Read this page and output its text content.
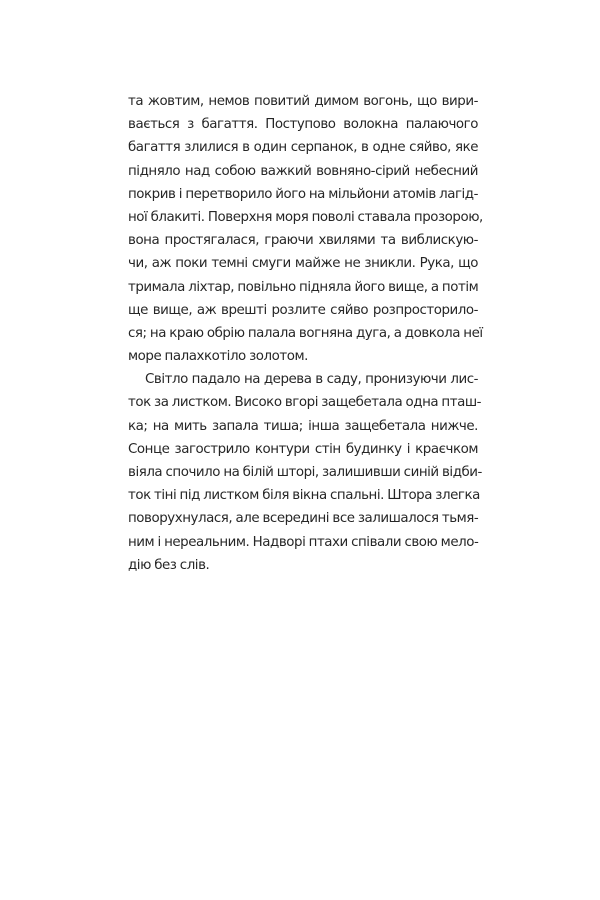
та жовтим, немов повитий димом вогонь, що вири-
вається з багаття. Поступово волокна палаючого
багаття злилися в один серпанок, в одне сяйво, яке
підняло над собою важкий вовняно-сірий небесний
покрив і перетворило його на мільйони атомів лагід-
ної блакиті. Поверхня моря поволі ставала прозорою,
вона простягалася, граючи хвилями та виблискую-
чи, аж поки темні смуги майже не зникли. Рука, що
тримала ліхтар, повільно підняла його вище, а потім
ще вище, аж врешті розлите сяйво розпросторило-
ся; на краю обрію палала вогняна дуга, а довкола неї
море палахкотіло золотом.
Світло падало на дерева в саду, пронизуючи лис-
ток за листком. Високо вгорі защебетала одна пташ-
ка; на мить запала тиша; інша защебетала нижче.
Сонце загострило контури стін будинку і краєчком
віяла спочило на білій шторі, залишивши синій відби-
ток тіні під листком біля вікна спальні. Штора злегка
поворухнулася, але всередині все залишалося тьмя-
ним і нереальним. Надворі птахи співали свою мело-
дію без слів.
